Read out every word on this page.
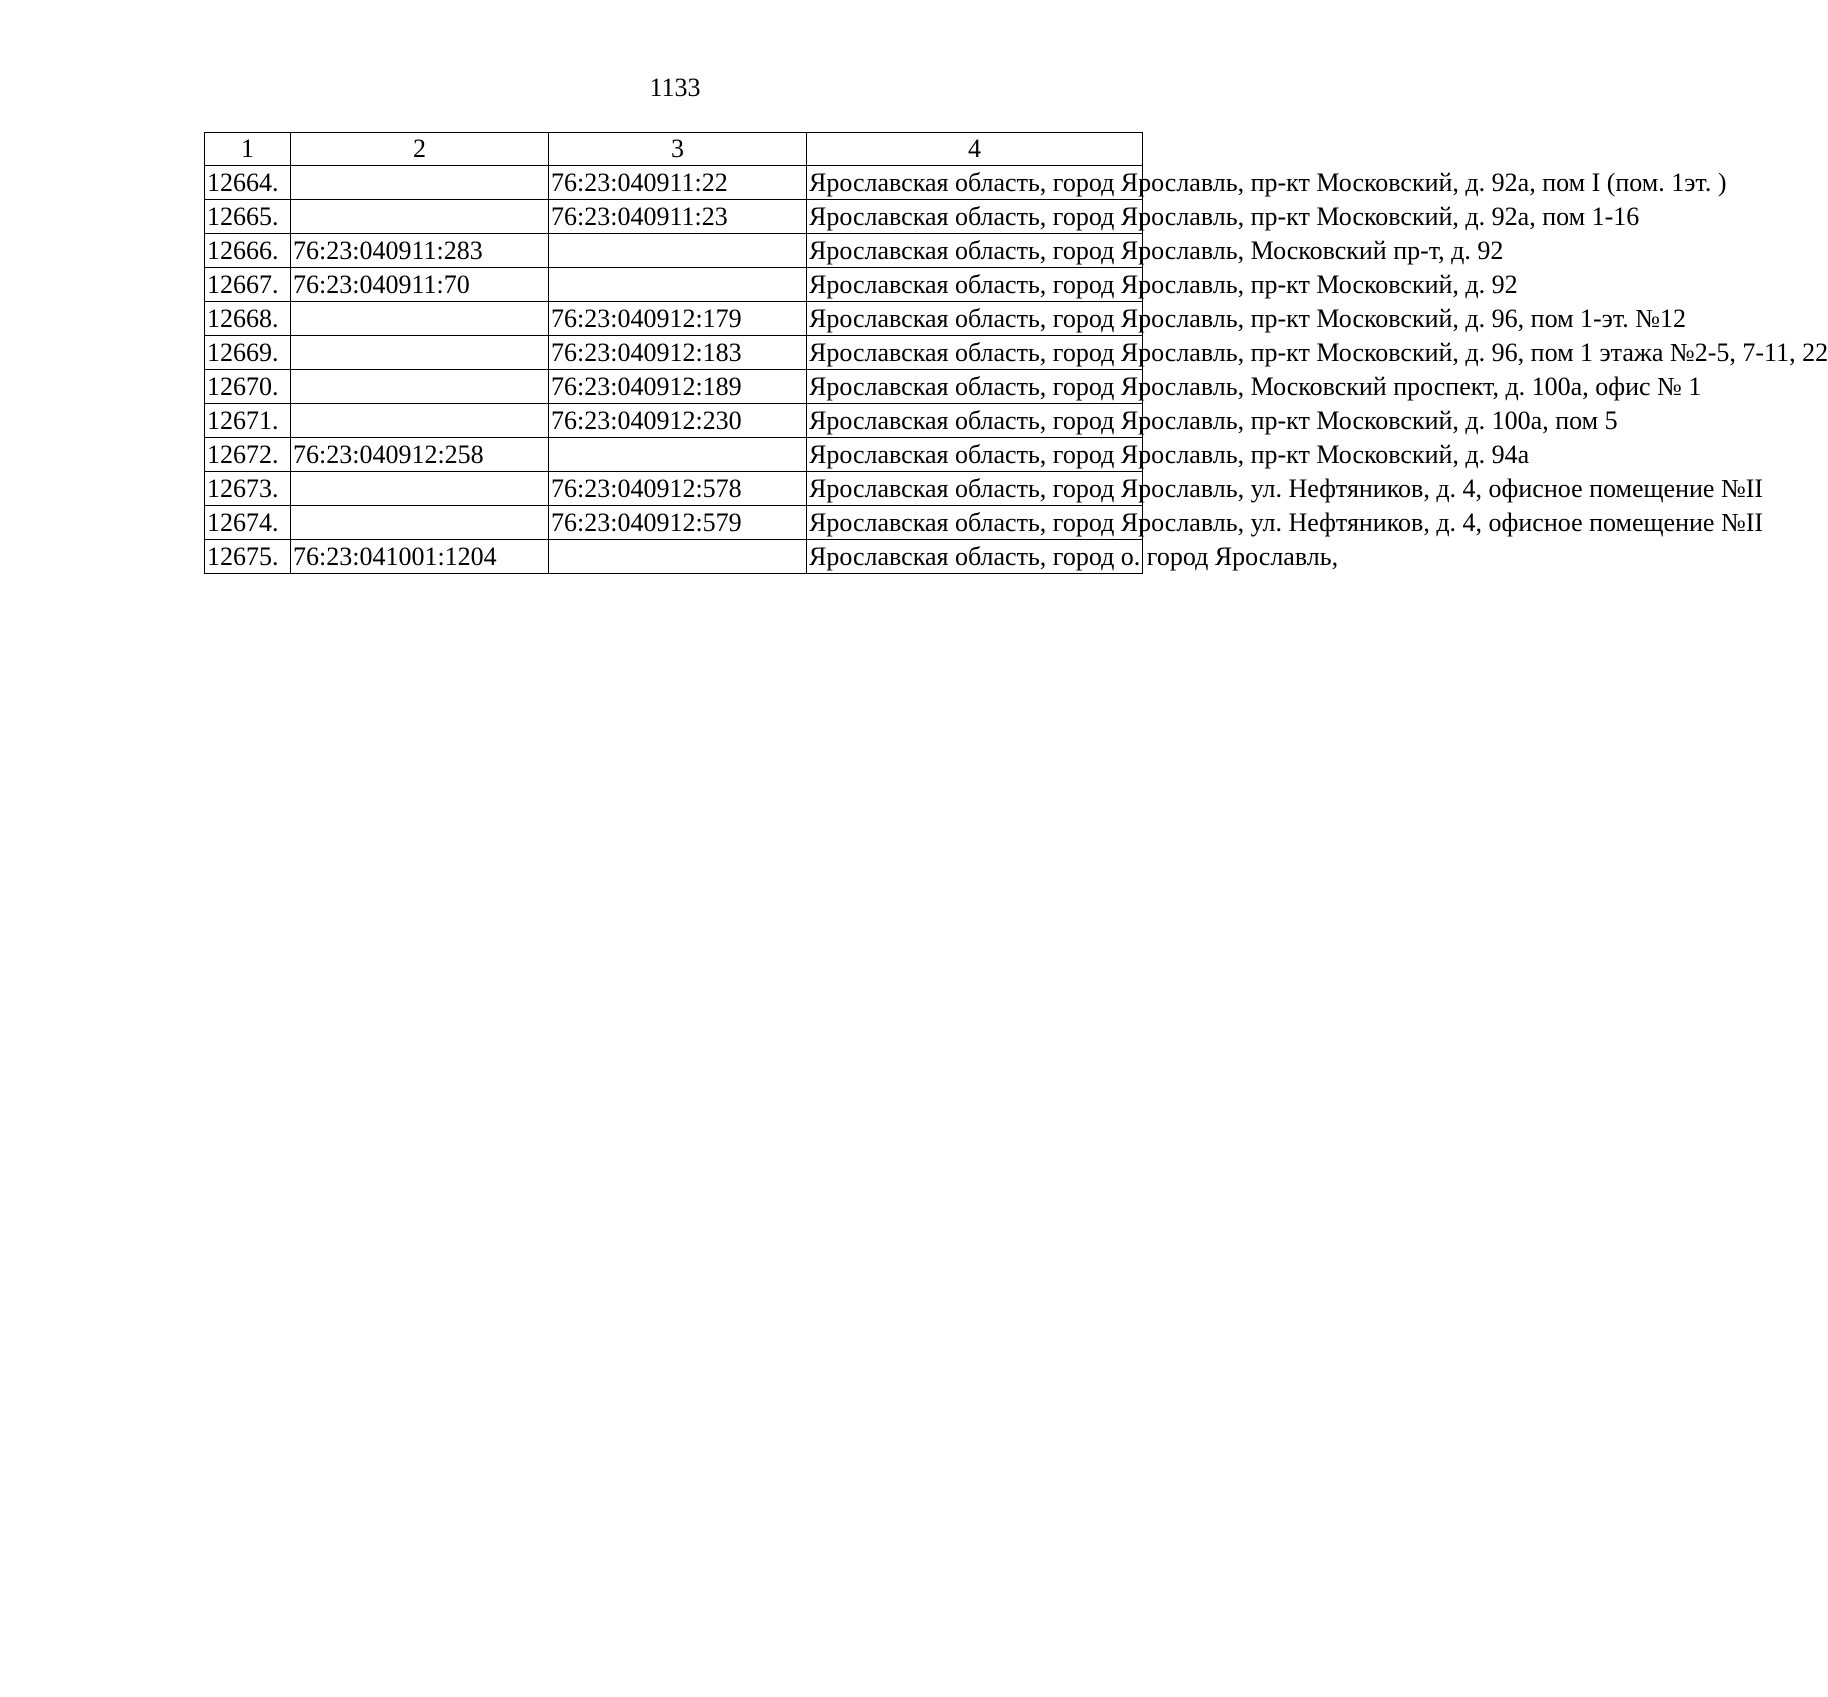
1133
1	2	3	4
12664.		76:23:040911:22	Ярославская область, город Ярославль, пр-кт Московский, д. 92а, пом I (пом. 1эт. )
12665.		76:23:040911:23	Ярославская область, город Ярославль, пр-кт Московский, д. 92а, пом 1-16
12666.	76:23:040911:283		Ярославская область, город Ярославль, Московский пр-т, д. 92
12667.	76:23:040911:70		Ярославская область, город Ярославль, пр-кт Московский, д. 92
12668.		76:23:040912:179	Ярославская область, город Ярославль, пр-кт Московский, д. 96, пом 1-эт. №12
12669.		76:23:040912:183	Ярославская область, город Ярославль, пр-кт Московский, д. 96, пом 1 этажа №2-5, 7-11, 22
12670.		76:23:040912:189	Ярославская область, город Ярославль, Московский проспект, д. 100а, офис № 1
12671.		76:23:040912:230	Ярославская область, город Ярославль, пр-кт Московский, д. 100а, пом 5
12672.	76:23:040912:258		Ярославская область, город Ярославль, пр-кт Московский, д. 94а
12673.		76:23:040912:578	Ярославская область, город Ярославль, ул. Нефтяников, д. 4, офисное помещение №II
12674.		76:23:040912:579	Ярославская область, город Ярославль, ул. Нефтяников, д. 4, офисное помещение №II
12675.	76:23:041001:1204		Ярославская область, город о. город Ярославль,
